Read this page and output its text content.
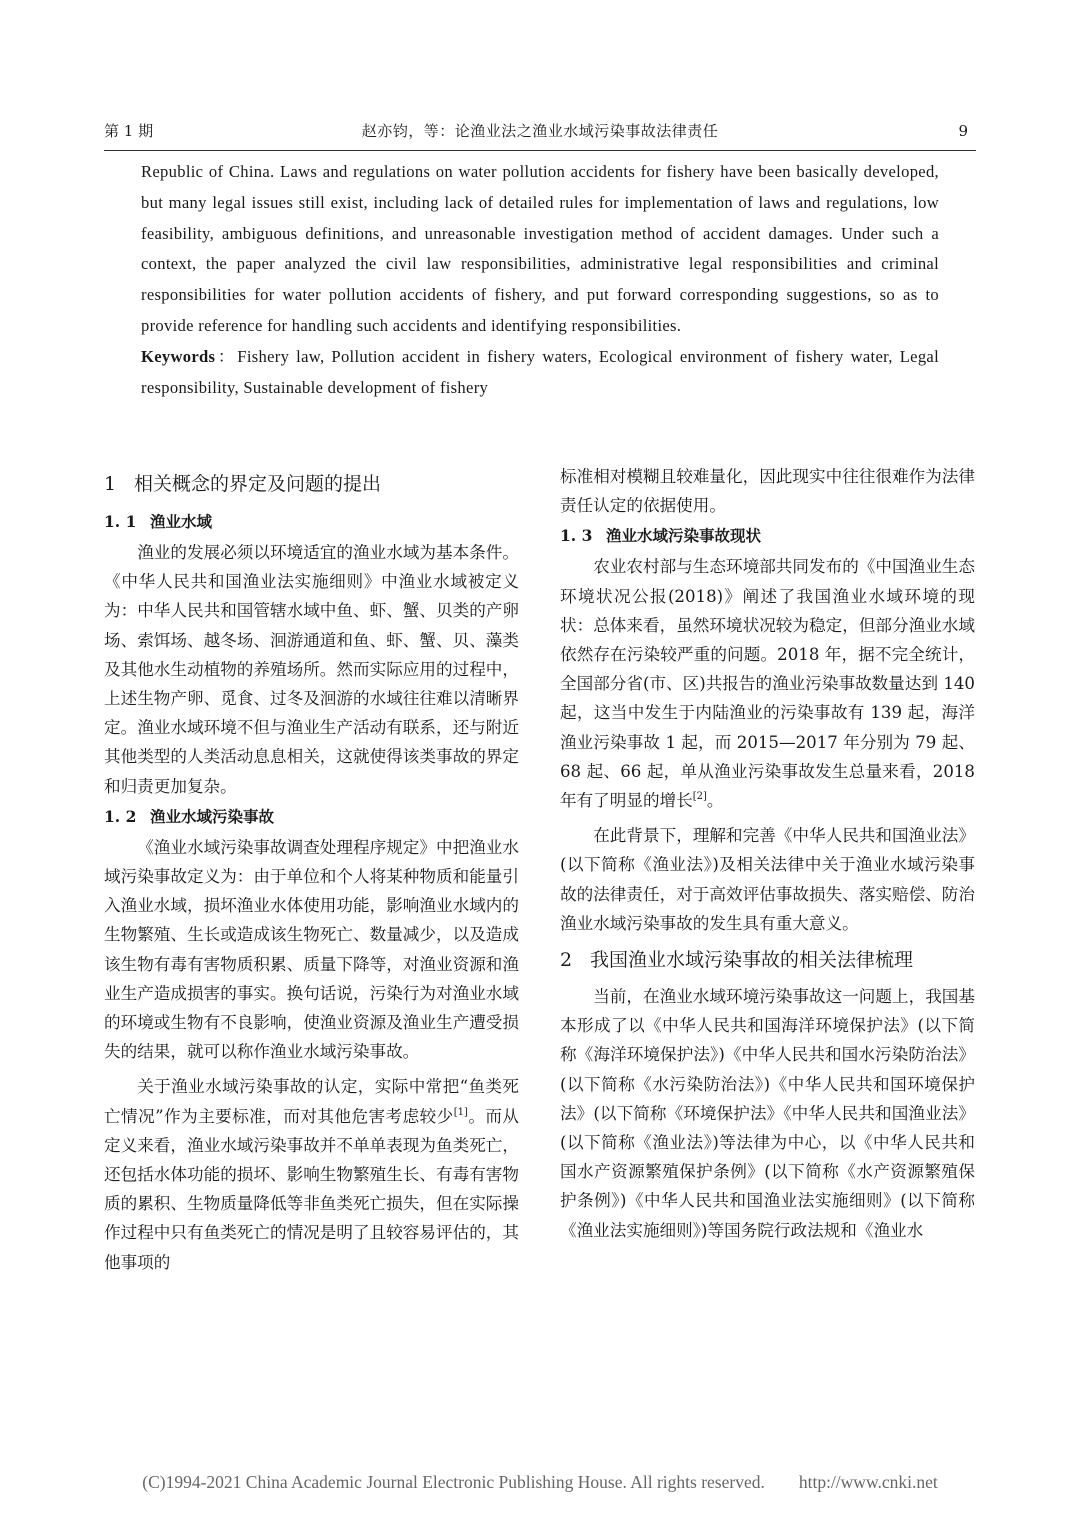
第 1 期	赵亦钧，等：论渔业法之渔业水域污染事故法律责任	9

Republic of China. Laws and regulations on water pollution accidents for fishery have been basically developed, but many legal issues still exist, including lack of detailed rules for implementation of laws and regulations, low feasibility, ambiguous definitions, and unreasonable investigation method of accident damages. Under such a context, the paper analyzed the civil law responsibilities, administrative legal responsibilities and criminal responsibilities for water pollution accidents of fishery, and put forward corresponding suggestions, so as to provide reference for handling such accidents and identifying responsibilities.

Keywords：Fishery law, Pollution accident in fishery waters, Ecological environment of fishery water, Legal responsibility, Sustainable development of fishery

1 相关概念的界定及问题的提出
1. 1 渔业水域

渔业的发展必须以环境适宜的渔业水域为基本条件。《中华人民共和国渔业法实施细则》中渔业水域被定义为：中华人民共和国管辖水域中鱼、虾、蟹、贝类的产卵场、索饵场、越冬场、洄游通道和鱼、虾、蟹、贝、藻类及其他水生动植物的养殖场所。然而实际应用的过程中，上述生物产卵、觅食、过冬及洄游的水域往往难以清晰界定。渔业水域环境不但与渔业生产活动有联系，还与附近其他类型的人类活动息息相关，这就使得该类事故的界定和归责更加复杂。

1. 2 渔业水域污染事故

《渔业水域污染事故调查处理程序规定》中把渔业水域污染事故定义为：由于单位和个人将某种物质和能量引入渔业水域，损坏渔业水体使用功能，影响渔业水域内的生物繁殖、生长或造成该生物死亡、数量减少，以及造成该生物有毒有害物质积累、质量下降等，对渔业资源和渔业生产造成损害的事实。换句话说，污染行为对渔业水域的环境或生物有不良影响，使渔业资源及渔业生产遭受损失的结果，就可以称作渔业水域污染事故。

关于渔业水域污染事故的认定，实际中常把“鱼类死亡情况”作为主要标准，而对其他危害考虑较少[1]。而从定义来看，渔业水域污染事故并不单单表现为鱼类死亡，还包括水体功能的损坏、影响生物繁殖生长、有毒有害物质的累积、生物质量降低等非鱼类死亡损失，但在实际操作过程中只有鱼类死亡的情况是明了且较容易评估的，其他事项的

标准相对模糊且较难量化，因此现实中往往很难作为法律责任认定的依据使用。

1. 3 渔业水域污染事故现状

农业农村部与生态环境部共同发布的《中国渔业生态环境状况公报(2018)》阐述了我国渔业水域环境的现状：总体来看，虽然环境状况较为稳定，但部分渔业水域依然存在污染较严重的问题。2018 年，据不完全统计，全国部分省(市、区)共报告的渔业污染事故数量达到 140 起，这当中发生于内陆渔业的污染事故有 139 起，海洋渔业污染事故 1 起，而 2015—2017 年分别为 79 起、68 起、66 起，单从渔业污染事故发生总量来看，2018 年有了明显的增长[2]。

在此背景下，理解和完善《中华人民共和国渔业法》(以下简称《渔业法》)及相关法律中关于渔业水域污染事故的法律责任，对于高效评估事故损失、落实赔偿、防治渔业水域污染事故的发生具有重大意义。

2 我国渔业水域污染事故的相关法律梳理

当前，在渔业水域环境污染事故这一问题上，我国基本形成了以《中华人民共和国海洋环境保护法》(以下简称《海洋环境保护法》)《中华人民共和国水污染防治法》(以下简称《水污染防治法》)《中华人民共和国环境保护法》(以下简称《环境保护法》《中华人民共和国渔业法》(以下简称《渔业法》)等法律为中心，以《中华人民共和国水产资源繁殖保护条例》(以下简称《水产资源繁殖保护条例》)《中华人民共和国渔业法实施细则》(以下简称《渔业法实施细则》)等国务院行政法规和《渔业水

(C)1994-2021 China Academic Journal Electronic Publishing House. All rights reserved. http://www.cnki.net
